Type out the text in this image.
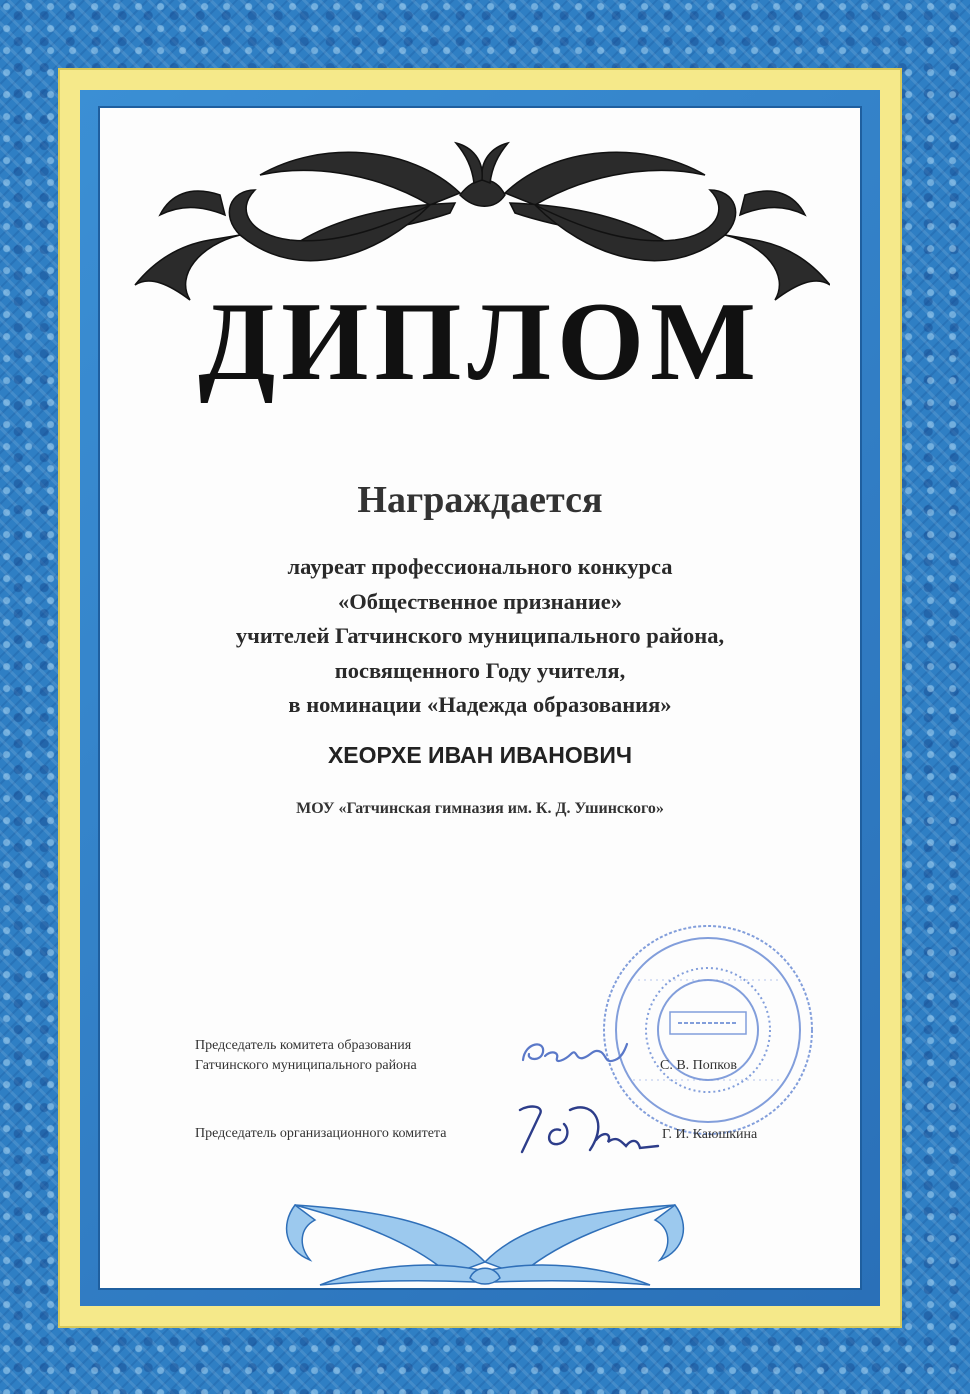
ДИПЛОМ
Награждается
лауреат профессионального конкурса
«Общественное признание»
учителей Гатчинского муниципального района,
посвященного Году учителя,
в номинации «Надежда образования»
ХЕОРХЕ ИВАН ИВАНОВИЧ
МОУ «Гатчинская гимназия им. К. Д. Ушинского»
Председатель комитета образования
Гатчинского муниципального района	С. В. Попков
Председатель организационного комитета	Г. И. Каюшкина
